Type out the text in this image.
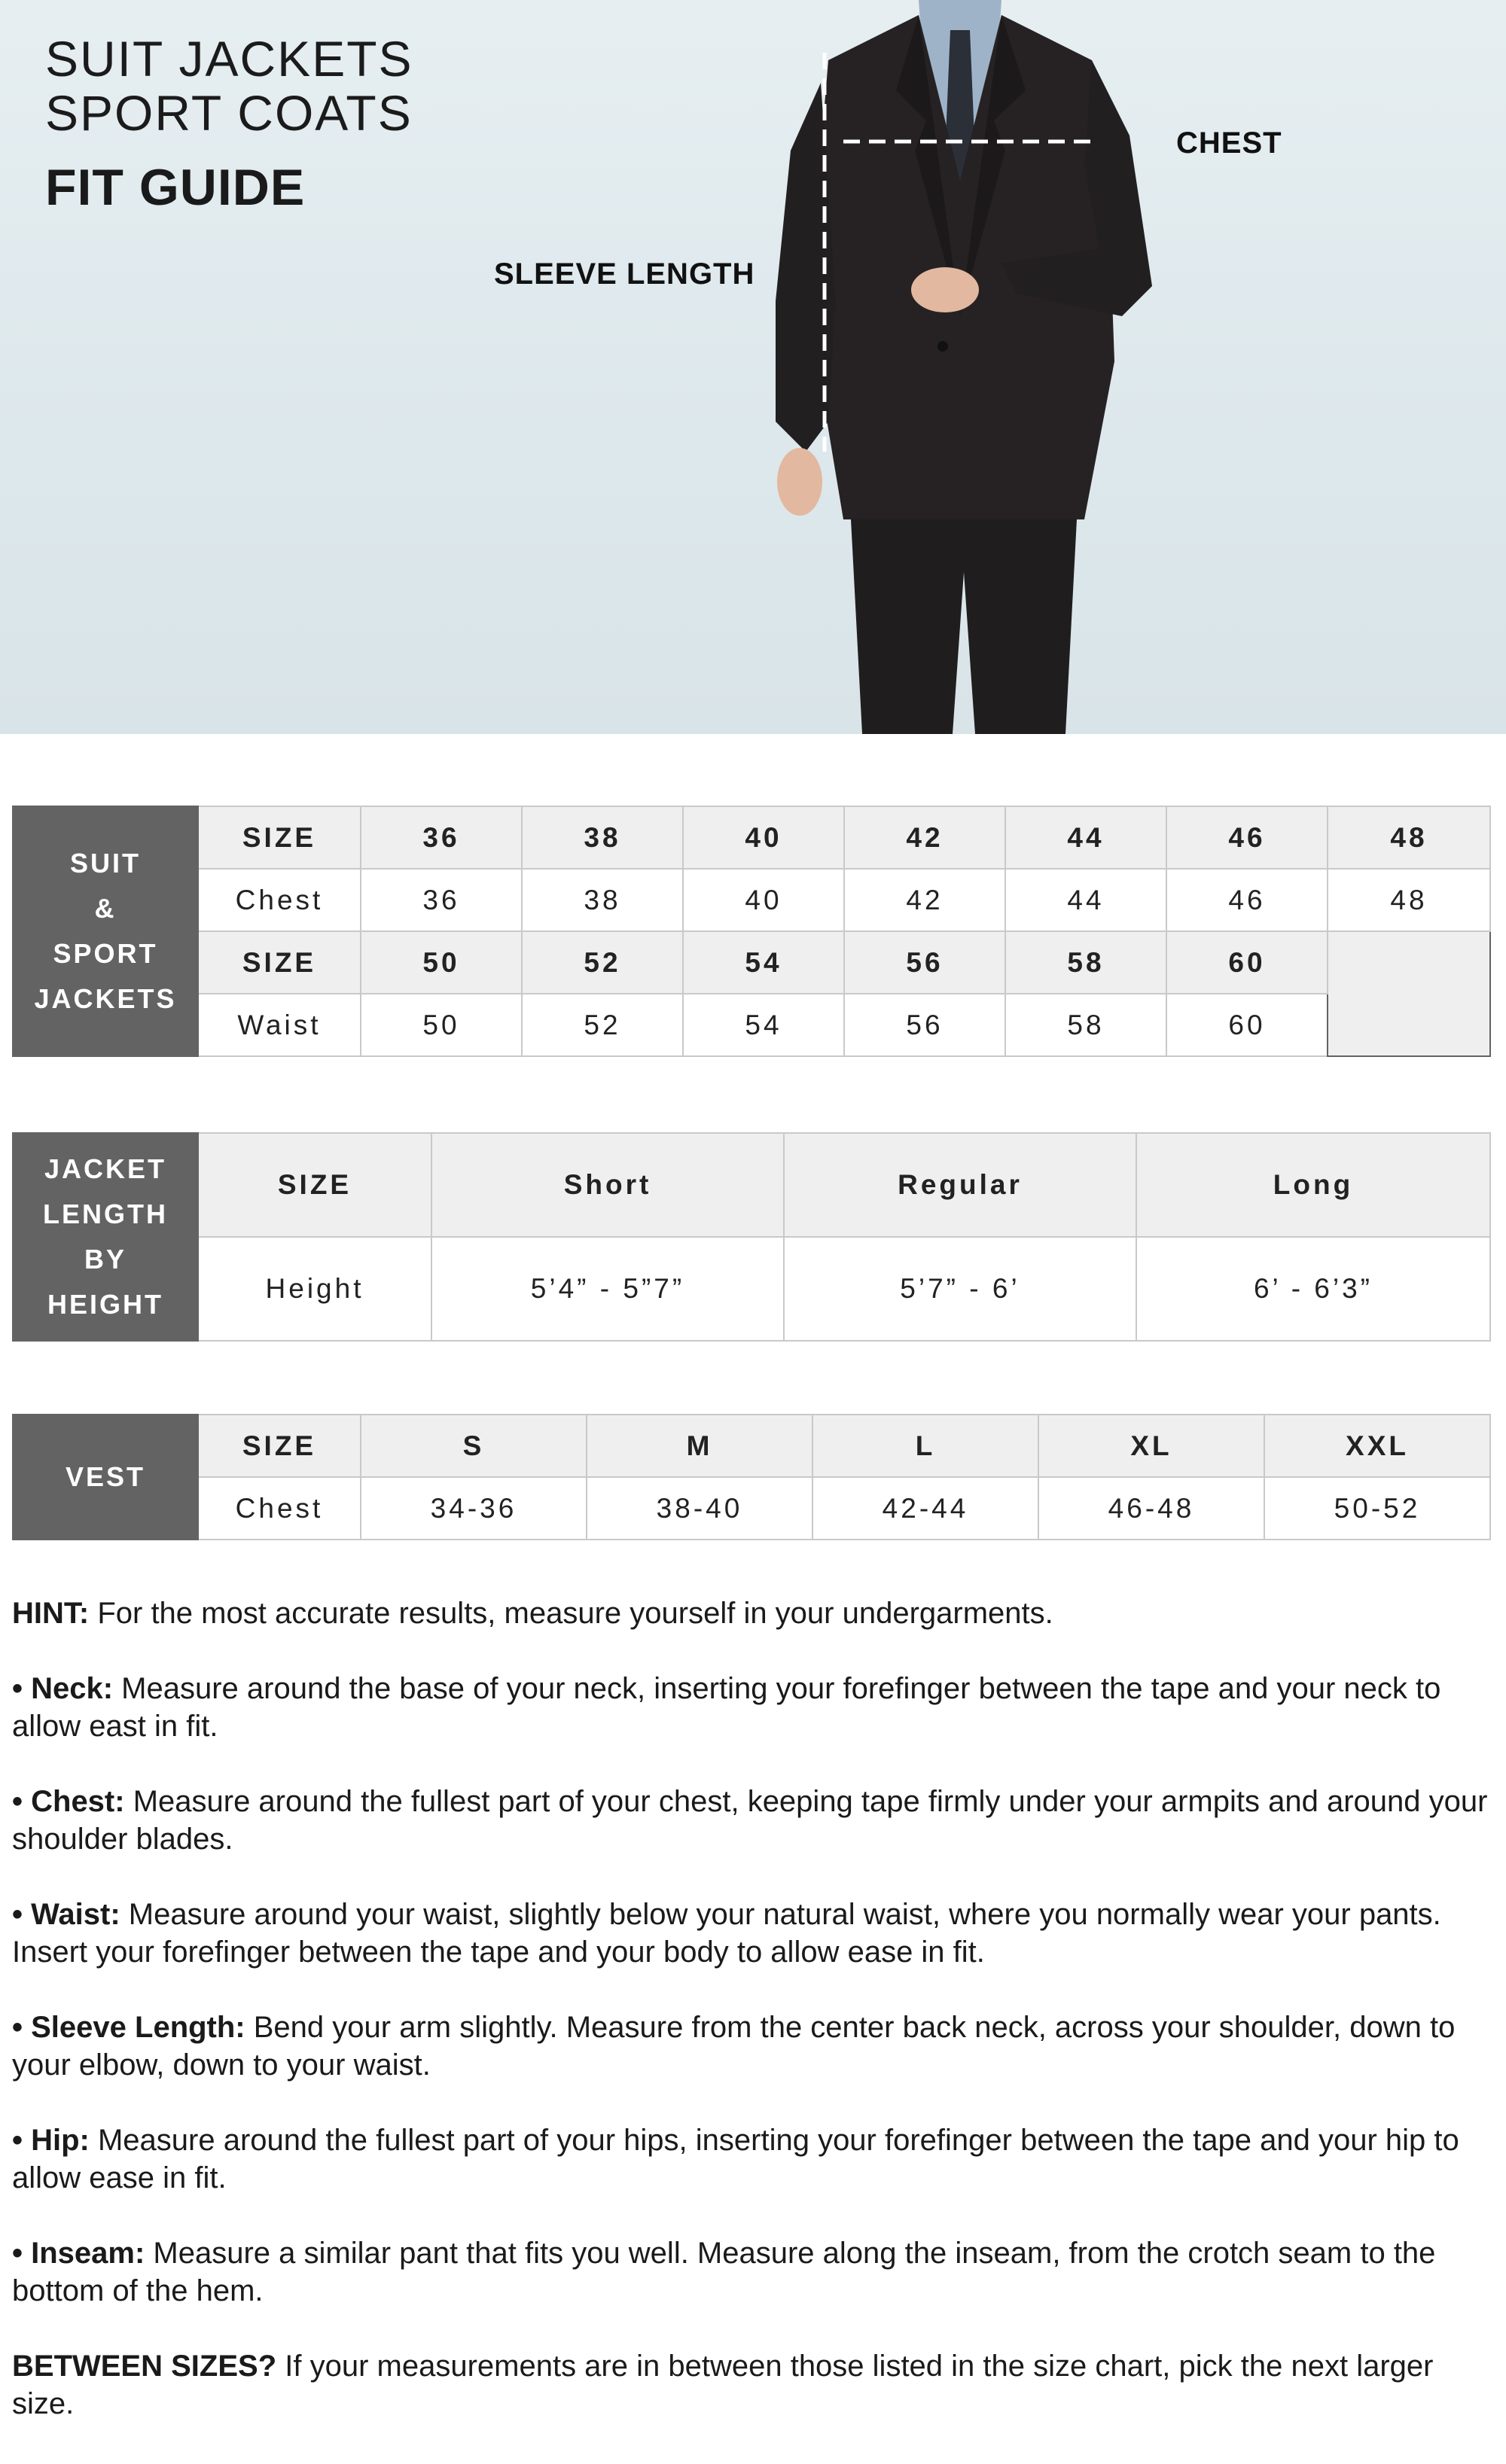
SUIT JACKETS
SPORT COATS
FIT GUIDE
CHEST
SLEEVE LENGTH
SUIT
&
SPORT
JACKETS	SIZE	36	38	40	42	44	46	48
	Chest	36	38	40	42	44	46	48
	SIZE	50	52	54	56	58	60	
	Waist	50	52	54	56	58	60	
JACKET
LENGTH
BY
HEIGHT	SIZE	Short	Regular	Long
	Height	5’4” - 5”7”	5’7” - 6’	6’ - 6’3”
VEST	SIZE	S	M	L	XL	XXL
	Chest	34-36	38-40	42-44	46-48	50-52

HINT: For the most accurate results, measure yourself in your undergarments.

• Neck: Measure around the base of your neck, inserting your forefinger between the tape and your neck to allow east in fit.

• Chest: Measure around the fullest part of your chest, keeping tape firmly under your armpits and around your shoulder blades.

• Waist: Measure around your waist, slightly below your natural waist, where you normally wear your pants. Insert your forefinger between the tape and your body to allow ease in fit.

• Sleeve Length: Bend your arm slightly. Measure from the center back neck, across your shoulder, down to your elbow, down to your waist.

• Hip: Measure around the fullest part of your hips, inserting your forefinger between the tape and your hip to allow ease in fit.

• Inseam: Measure a similar pant that fits you well. Measure along the inseam, from the crotch seam to the bottom of the hem.

BETWEEN SIZES? If your measurements are in between those listed in the size chart, pick the next larger size.
